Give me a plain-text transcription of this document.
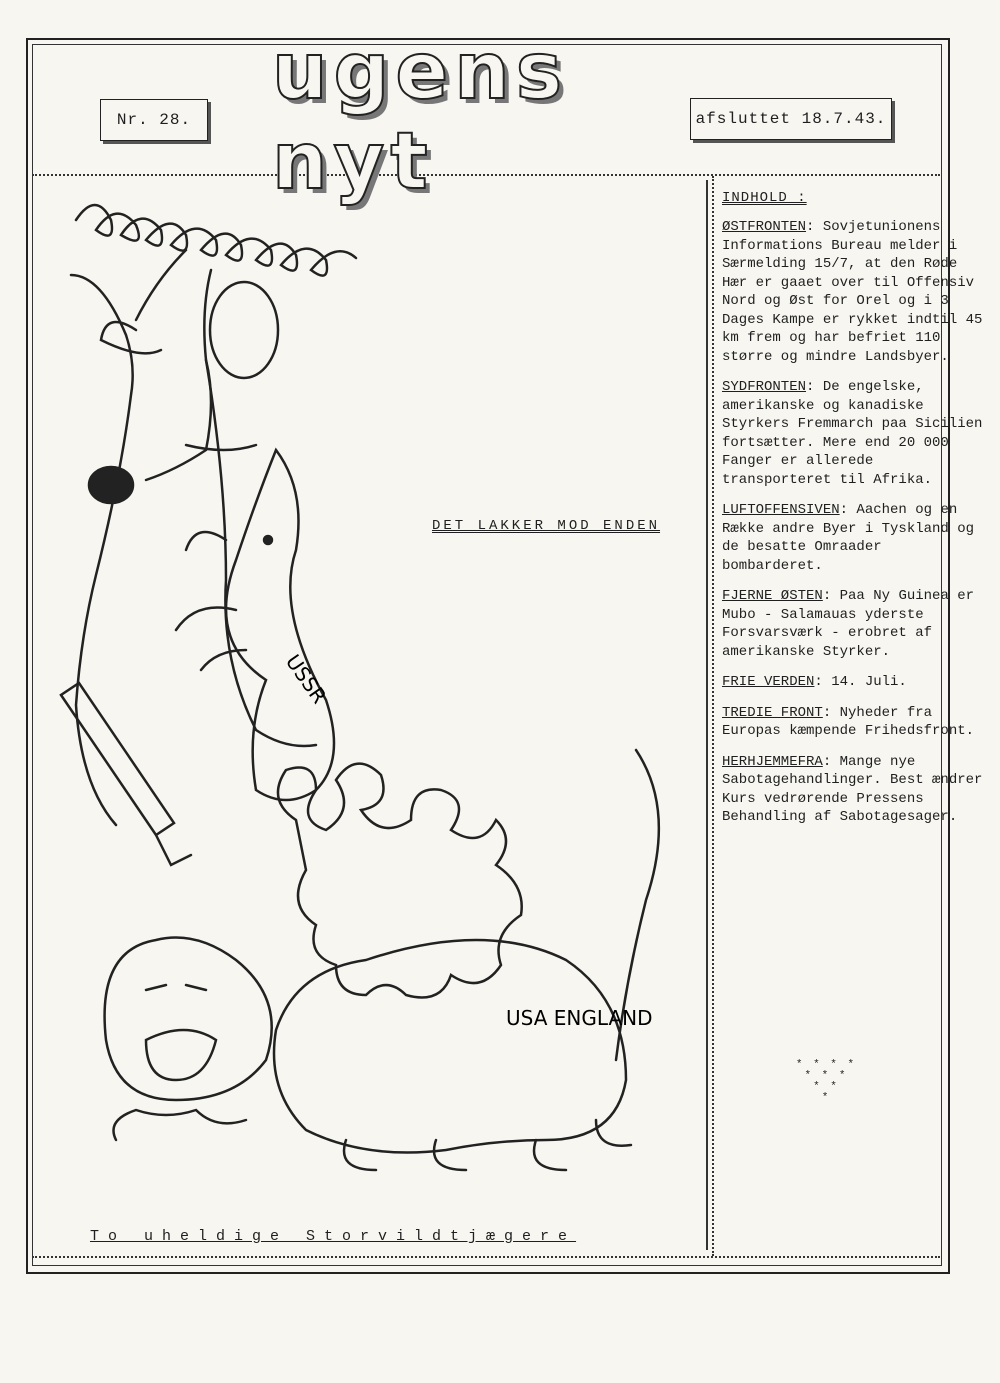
Nr. 28.
ugens nyt	afsluttet 18.7.43.
DET LAKKER MOD ENDEN
USSR
USA ENGLAND
To uheldige Storvildtjægere
INDHOLD :
ØSTFRONTEN: Sovjetunionens Informations Bureau melder i Særmelding 15/7, at den Røde Hær er gaaet over til Offensiv Nord og Øst for Orel og i 3 Dages Kampe er rykket indtil 45 km frem og har befriet 110 større og mindre Landsbyer.
SYDFRONTEN: De engelske, amerikanske og kanadiske Styrkers Fremmarch paa Sicilien fortsætter. Mere end 20 000 Fanger er allerede transporteret til Afrika.
LUFTOFFENSIVEN: Aachen og en Række andre Byer i Tyskland og de besatte Omraader bombarderet.
FJERNE ØSTEN: Paa Ny Guinea er Mubo - Salamauas yderste Forsvarsværk - erobret af amerikanske Styrker.
FRIE VERDEN: 14. Juli.
TREDIE FRONT: Nyheder fra Europas kæmpende Frihedsfront.
HERHJEMMEFRA: Mange nye Sabotagehandlinger. Best ændrer Kurs vedrørende Pressens Behandling af Sabotagesager.
* * * *
* * *
* *
*
